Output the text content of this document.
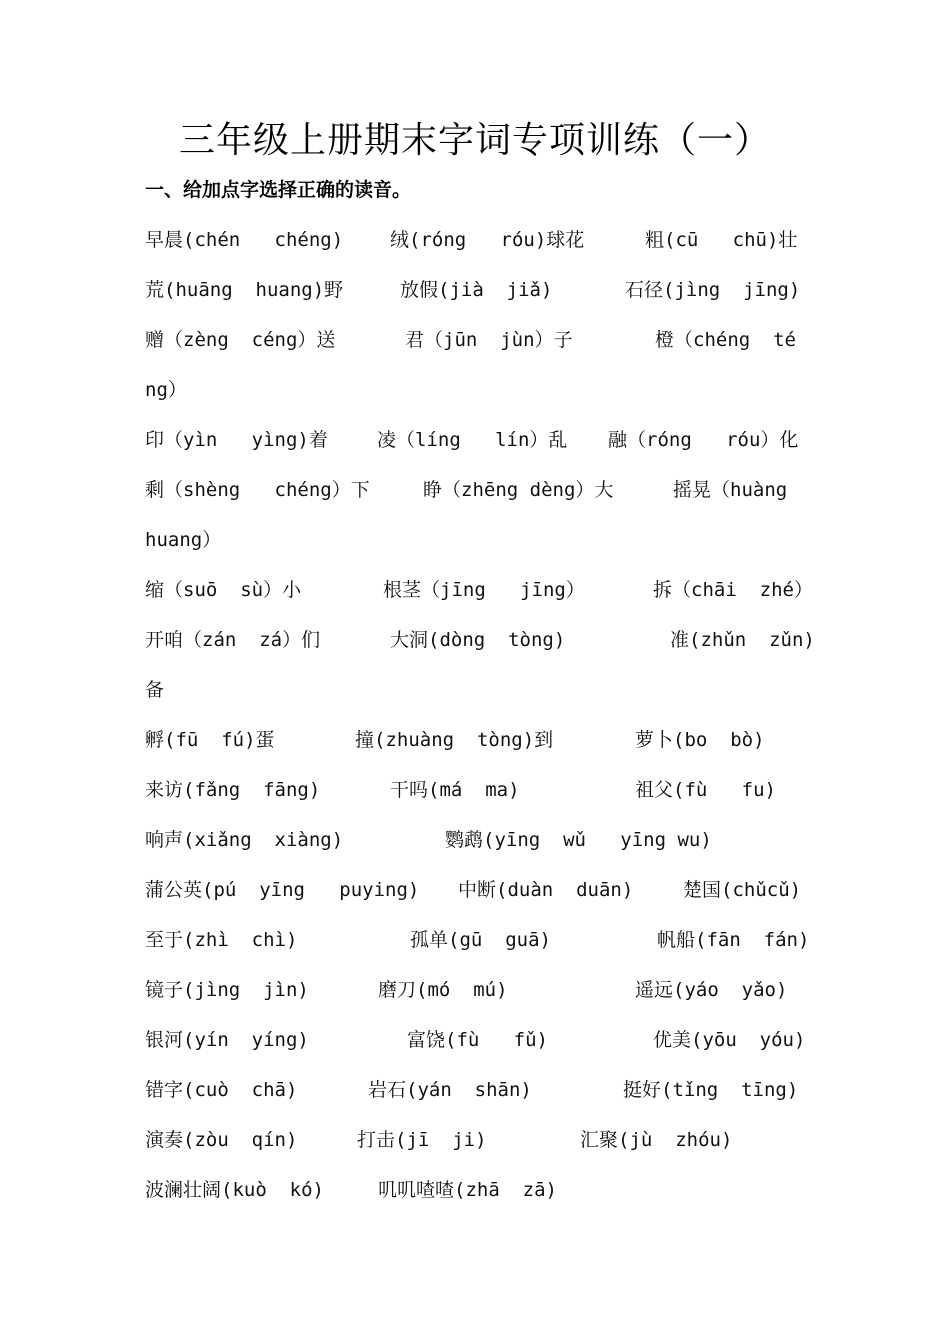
三年级上册期末字词专项训练（一）
一、给加点字选择正确的读音。
早晨(chén   chéng) 绒(róng   róu)球花	粗(cū   chū)壮
荒(huāng  huang)野	放假(jià  jiǎ)	石径(jìng  jīng)
赠（zèng  céng）送	君（jūn  jùn）子	橙（chéng  té
ng）
印（yìn   yìng)着	凌（líng   lín）乱 融（róng   róu）化
剩（shèng   chéng）下	睁（zhēng dèng）大	摇晃（huàng
huang）
缩（suō  sù）小	根茎（jīng   jīng）	拆（chāi  zhé）
开咱（zán  zá）们	大洞(dòng  tòng)	准(zhǔn  zǔn)
备
孵(fū  fú)蛋	撞(zhuàng  tòng)到	萝卜(bo  bò)
来访(fǎng  fāng)	干吗(má  ma)	祖父(fù   fu)
响声(xiǎng  xiàng)	鹦鹉(yīng  wǔ   yīng wu)
蒲公英(pú  yīng   puying) 中断(duàn  duān)	楚国(chǔcǔ)
至于(zhì  chì)	孤单(gū  guā)	帆船(fān  fán)
镜子(jìng  jìn)	磨刀(mó  mú)	遥远(yáo  yǎo)
银河(yín  yíng)	富饶(fù   fǔ)	优美(yōu  yóu)
错字(cuò  chā)	岩石(yán  shān)	挺好(tǐng  tīng)
演奏(zòu  qín)	打击(jī  ji)	汇聚(jù  zhóu)
波澜壮阔(kuò  kó)	叽叽喳喳(zhā  zā)
